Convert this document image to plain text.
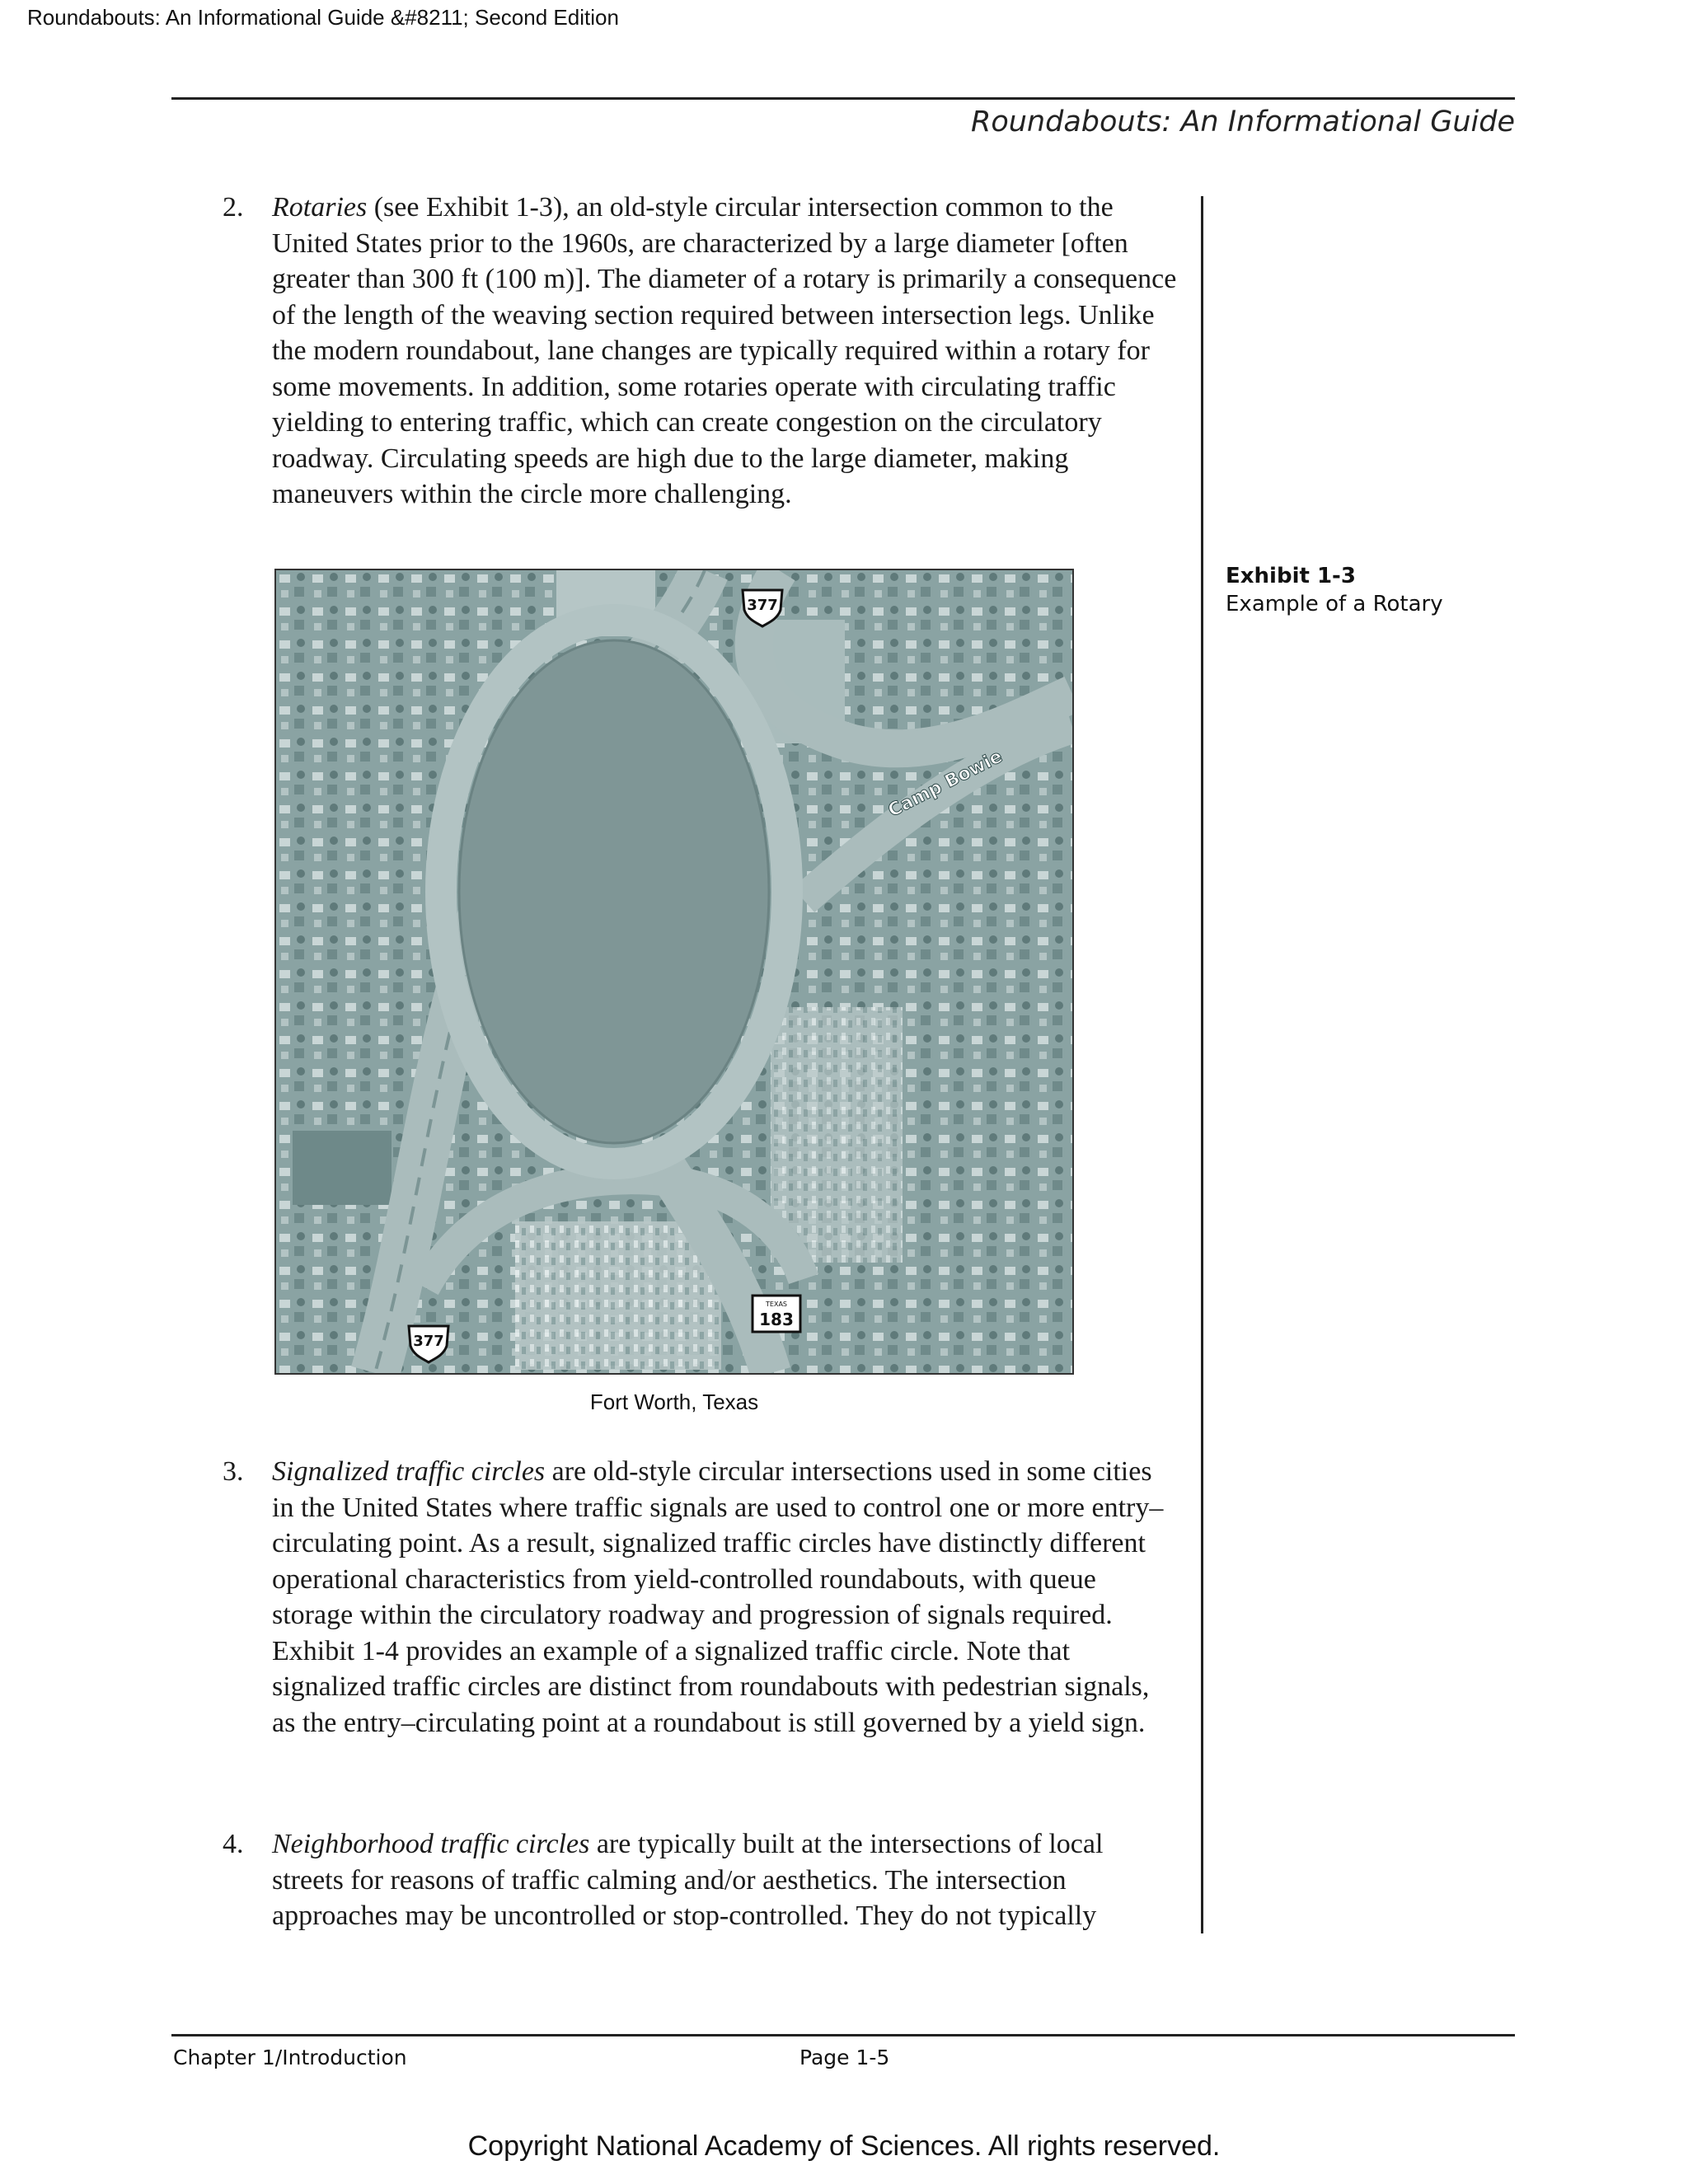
Roundabouts: An Informational Guide &#8211; Second Edition
Roundabouts: An Informational Guide
2. Rotaries (see Exhibit 1-3), an old-style circular intersection common to the United States prior to the 1960s, are characterized by a large diameter [often greater than 300 ft (100 m)]. The diameter of a rotary is primarily a consequence of the length of the weaving section required between intersection legs. Unlike the modern roundabout, lane changes are typically required within a rotary for some movements. In addition, some rotaries operate with circulating traffic yielding to entering traffic, which can create congestion on the circulatory roadway. Circulating speeds are high due to the large diameter, making maneuvers within the circle more challenging.
Camp Bowie
377
377
TEXAS
183
Fort Worth, Texas
Exhibit 1-3
Example of a Rotary
3. Signalized traffic circles are old-style circular intersections used in some cities in the United States where traffic signals are used to control one or more entry–circulating point. As a result, signalized traffic circles have distinctly different operational characteristics from yield-controlled roundabouts, with queue storage within the circulatory roadway and progression of signals required. Exhibit 1-4 provides an example of a signalized traffic circle. Note that signalized traffic circles are distinct from roundabouts with pedestrian signals, as the entry–circulating point at a roundabout is still governed by a yield sign.
4. Neighborhood traffic circles are typically built at the intersections of local streets for reasons of traffic calming and/or aesthetics. The intersection approaches may be uncontrolled or stop-controlled. They do not typically
Chapter 1/Introduction	Page 1-5
Copyright National Academy of Sciences. All rights reserved.
